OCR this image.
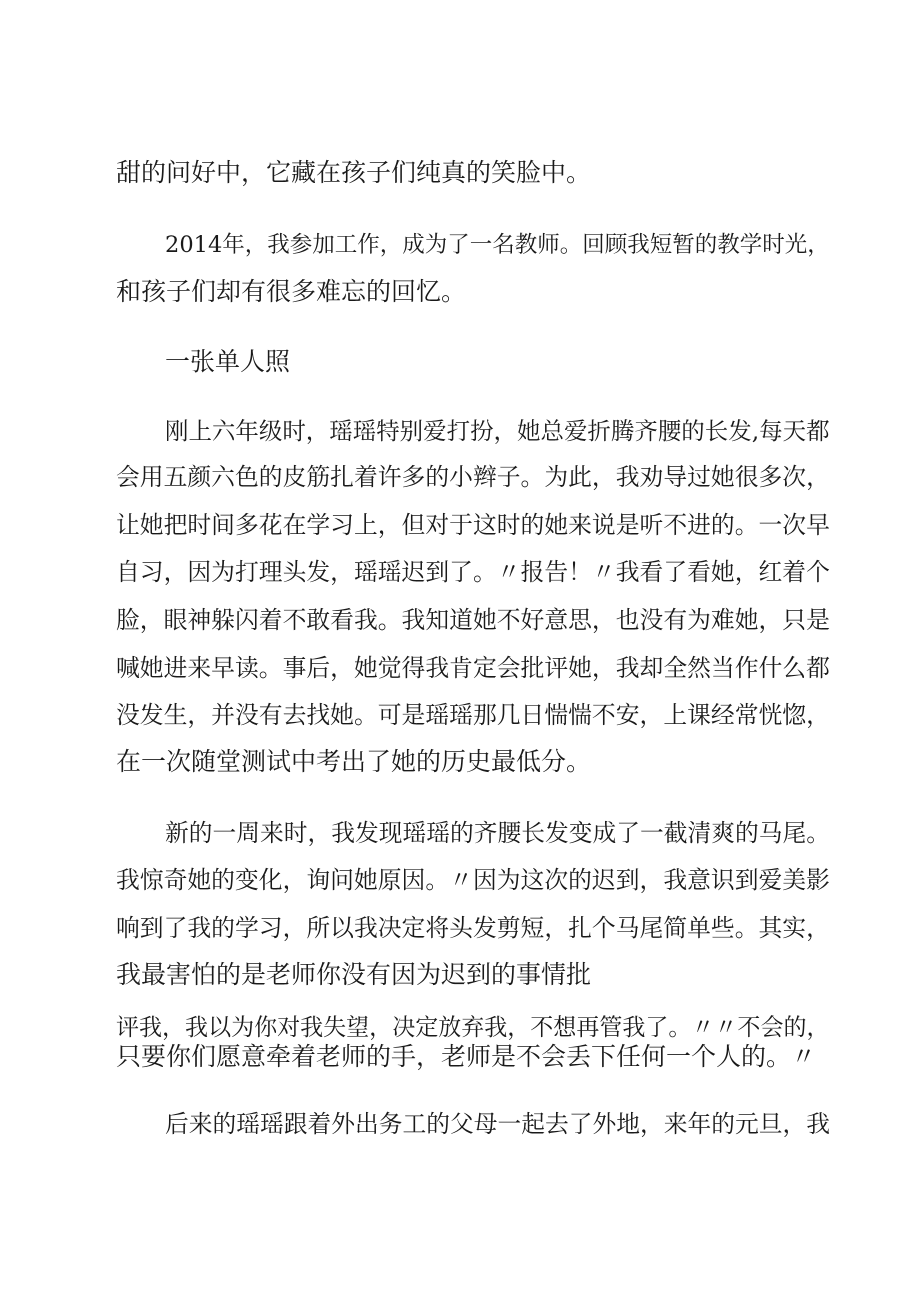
甜的问好中，它藏在孩子们纯真的笑脸中。
2014年，我参加工作，成为了一名教师。回顾我短暂的教学时光，
和孩子们却有很多难忘的回忆。
一张单人照
刚上六年级时，瑶瑶特别爱打扮，她总爱折腾齐腰的长发,每天都
会用五颜六色的皮筋扎着许多的小辫子。为此，我劝导过她很多次，
让她把时间多花在学习上，但对于这时的她来说是听不进的。一次早
自习，因为打理头发，瑶瑶迟到了。〃报告！〃我看了看她，红着个
脸，眼神躲闪着不敢看我。我知道她不好意思，也没有为难她，只是
喊她进来早读。事后，她觉得我肯定会批评她，我却全然当作什么都
没发生，并没有去找她。可是瑶瑶那几日惴惴不安，上课经常恍惚，
在一次随堂测试中考出了她的历史最低分。
新的一周来时，我发现瑶瑶的齐腰长发变成了一截清爽的马尾。
我惊奇她的变化，询问她原因。〃因为这次的迟到，我意识到爱美影
响到了我的学习，所以我决定将头发剪短，扎个马尾简单些。其实，
我最害怕的是老师你没有因为迟到的事情批
评我，我以为你对我失望，决定放弃我，不想再管我了。〃〃不会的，
只要你们愿意牵着老师的手，老师是不会丢下任何一个人的。〃
后来的瑶瑶跟着外出务工的父母一起去了外地，来年的元旦，我
